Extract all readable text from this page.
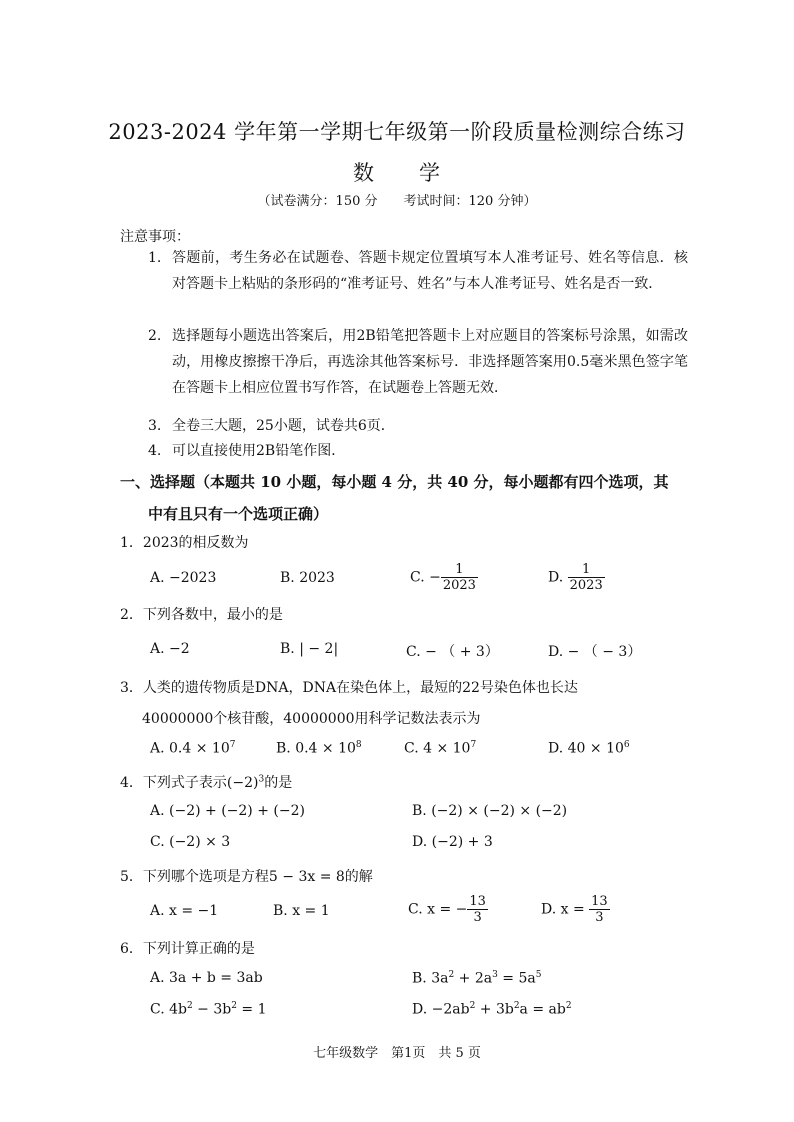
2023-2024 学年第一学期七年级第一阶段质量检测综合练习
数　　学
（试卷满分：150 分　　考试时间：120 分钟）
注意事项：
1. 答题前，考生务必在试题卷、答题卡规定位置填写本人准考证号、姓名等信息．核对答题卡上粘贴的条形码的“准考证号、姓名”与本人准考证号、姓名是否一致．
2. 选择题每小题选出答案后，用2B铅笔把答题卡上对应题目的答案标号涂黑，如需改动，用橡皮擦擦干净后，再选涂其他答案标号．非选择题答案用0.5毫米黑色签字笔在答题卡上相应位置书写作答，在试题卷上答题无效．
3. 全卷三大题，25小题，试卷共6页．
4. 可以直接使用2B铅笔作图．
一、选择题（本题共 10 小题，每小题 4 分，共 40 分，每小题都有四个选项，其
中有且只有一个选项正确）
1．2023的相反数为
A. −2023	B. 2023	C. − $\frac{1}{2023}$	D. $\frac{1}{2023}$
2．下列各数中，最小的是
A. −2	B. | − 2|	C. − （ + 3）	D. − （ − 3）
3．人类的遗传物质是DNA，DNA在染色体上，最短的22号染色体也长达
40000000个核苷酸，40000000用科学记数法表示为
A. $0.4 \times 10^7$	B. $0.4 \times 10^8$	C. $4 \times 10^7$	D. $40 \times 10^6$
4．下列式子表示$(-2)^3$的是
A. (−2) + (−2) + (−2)	B. (−2) × (−2) × (−2)
C. (−2) × 3	D. (−2) + 3
5．下列哪个选项是方程5 − 3x = 8的解
A. x = −1	B. x = 1	C. x = − $\frac{13}{3}$	D. $x = \frac{13}{3}$
6．下列计算正确的是
A. 3a + b = 3ab	B. $3a^2 + 2a^3 = 5a^5$
C. $4b^2 - 3b^2 = 1$	D. $-2ab^2 + 3b^2a = ab^2$
七年级数学　第1页　共 5 页
